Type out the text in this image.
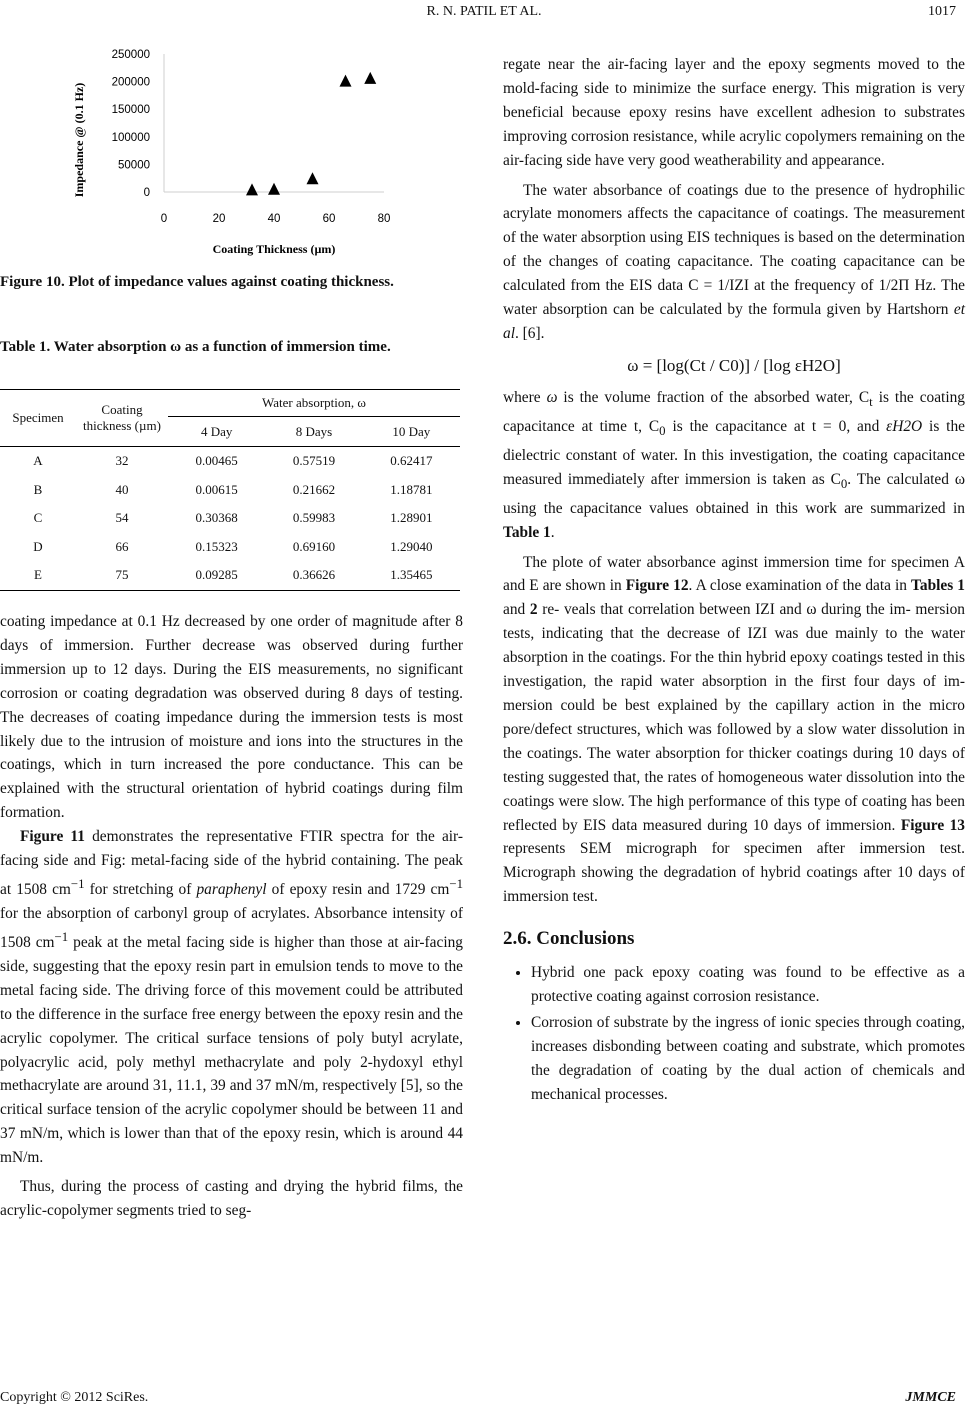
R. N. PATIL ET AL.	1017
0
50000
100000
150000
200000
250000
0	20	40	60	80
Impedance @ (0.1 Hz)
Coating Thickness (µm)
Figure 10. Plot of impedance values against coating thickness.
Table 1. Water absorption ω as a function of immersion time.
Specimen	Coating thickness (µm)	Water absorption, ω		
		4 Day	8 Days	10 Day
A	32	0.00465	0.57519	0.62417
B	40	0.00615	0.21662	1.18781
C	54	0.30368	0.59983	1.28901
D	66	0.15323	0.69160	1.29040
E	75	0.09285	0.36626	1.35465

coating impedance at 0.1 Hz decreased by one order of magnitude after 8 days of immersion. Further decrease was observed during further immersion up to 12 days. During the EIS measurements, no significant corrosion or coating degradation was observed during 8 days of testing. The decreases of coating impedance during the immersion tests is most likely due to the intrusion of moisture and ions into the structures in the coatings, which in turn increased the pore conductance. This can be explained with the structural orientation of hybrid coatings during film formation.

Figure 11 demonstrates the representative FTIR spectra for the air-facing side and Fig: metal-facing side of the hybrid containing. The peak at 1508 $cm^{-1}$ for stretching of paraphenyl of epoxy resin and 1729 $cm^{-1}$ for the absorption of carbonyl group of acrylates. Absorbance intensity of 1508 $cm^{-1}$ peak at the metal facing side is higher than those at air-facing side, suggesting that the epoxy resin part in emulsion tends to move to the metal facing side. The driving force of this movement could be attributed to the difference in the surface free energy between the epoxy resin and the acrylic copolymer. The critical surface tensions of poly butyl acrylate, polyacrylic acid, poly methyl methacrylate and poly 2-hydoxyl ethyl methacrylate are around 31, 11.1, 39 and 37 mN/m, respectively [5], so the critical surface tension of the acrylic copolymer should be between 11 and 37 mN/m, which is lower than that of the epoxy resin, which is around 44 mN/m.

Thus, during the process of casting and drying the hybrid films, the acrylic-copolymer segments tried to seg-

regate near the air-facing layer and the epoxy segments moved to the mold-facing side to minimize the surface energy. This migration is very beneficial because epoxy resins have excellent adhesion to substrates improving corrosion resistance, while acrylic copolymers remaining on the air-facing side have very good weatherability and appearance.

The water absorbance of coatings due to the presence of hydrophilic acrylate monomers affects the capacitance of coatings. The measurement of the water absorption using EIS techniques is based on the determination of the changes of coating capacitance. The coating capacitance can be calculated from the EIS data C = 1/IZI at the frequency of 1/2Π Hz. The water absorption can be calculated by the formula given by Hartshorn et al. [6].

ω = [log(Ct / C0)] / [log εH2O]

where ω is the volume fraction of the absorbed water, $C_t$ is the coating capacitance at time t, $C_0$ is the capacitance at t = 0, and εH2O is the dielectric constant of water. In this investigation, the coating capacitance measured immediately after immersion is taken as $C_0$. The calculated ω using the capacitance values obtained in this work are summarized in Table 1.

The plote of water absorbance aginst immersion time for specimen A and E are shown in Figure 12. A close examination of the data in Tables 1 and 2 re- veals that correlation between IZI and ω during the im- mersion tests, indicating that the decrease of IZI was due mainly to the water absorption in the coatings. For the thin hybrid epoxy coatings tested in this investigation, the rapid water absorption in the first four days of im- mersion could be best explained by the capillary action in the micro pore/defect structures, which was followed by a slow water dissolution in the coatings. The water absorption for thicker coatings during 10 days of testing suggested that, the rates of homogeneous water dissolution into the coatings were slow. The high performance of this type of coating has been reflected by EIS data measured during 10 days of immersion. Figure 13 represents SEM micrograph for specimen after immersion test. Micrograph showing the degradation of hybrid coatings after 10 days of immersion test.

2.6. Conclusions
• Hybrid one pack epoxy coating was found to be effective as a protective coating against corrosion resistance.
• Corrosion of substrate by the ingress of ionic species through coating, increases disbonding between coating and substrate, which promotes the degradation of coating by the dual action of chemicals and mechanical processes.
Copyright © 2012 SciRes.	JMMCE
